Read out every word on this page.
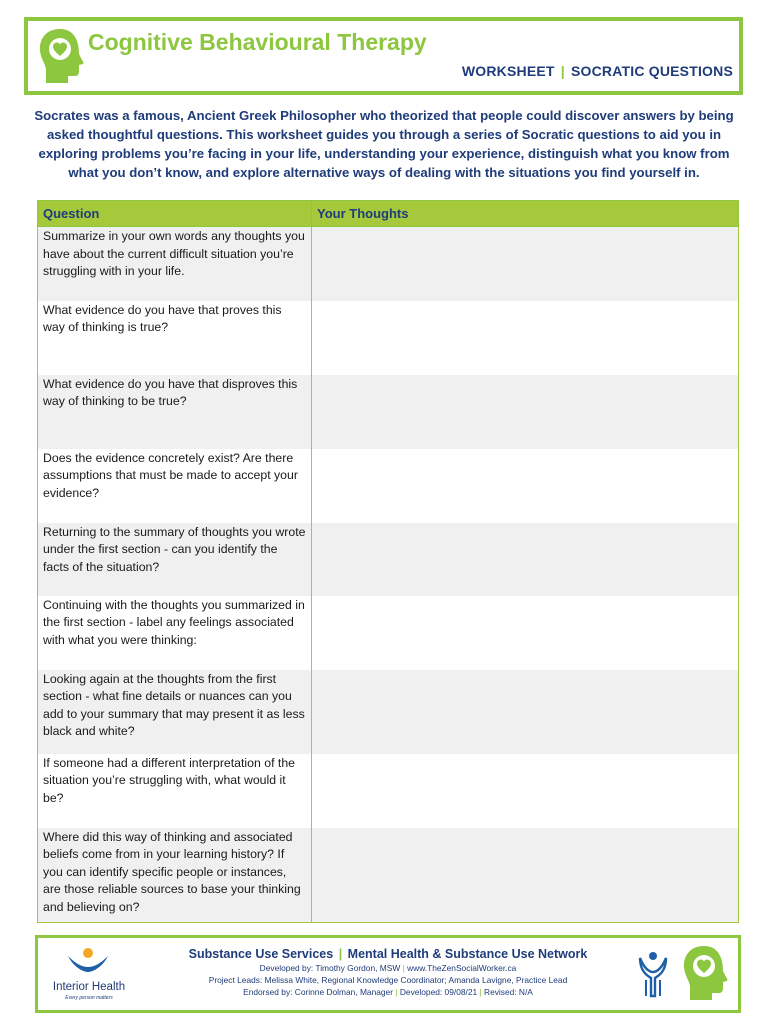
Cognitive Behavioural Therapy
WORKSHEET | SOCRATIC QUESTIONS
Socrates was a famous, Ancient Greek Philosopher who theorized that people could discover answers by being asked thoughtful questions. This worksheet guides you through a series of Socratic questions to aid you in exploring problems you’re facing in your life, understanding your experience, distinguish what you know from what you don’t know, and explore alternative ways of dealing with the situations you find yourself in.
Question	Your Thoughts
Summarize in your own words any thoughts you have about the current difficult situation you’re struggling with in your life.	
What evidence do you have that proves this way of thinking is true?	
What evidence do you have that disproves this way of thinking to be true?	
Does the evidence concretely exist? Are there assumptions that must be made to accept your evidence?	
Returning to the summary of thoughts you wrote under the first section - can you identify the facts of the situation?	
Continuing with the thoughts you summarized in the first section - label any feelings associated with what you were thinking:	
Looking again at the thoughts from the first section - what fine details or nuances can you add to your summary that may present it as less black and white?	
If someone had a different interpretation of the situation you’re struggling with, what would it be?	
Where did this way of thinking and associated beliefs come from in your learning history? If you can identify specific people or instances, are those reliable sources to base your thinking and believing on?	
Interior Health
Every person matters
Substance Use Services | Mental Health & Substance Use Network
Developed by: Timothy Gordon, MSW | www.TheZenSocialWorker.ca
Project Leads: Melissa White, Regional Knowledge Coordinator; Amanda Lavigne, Practice Lead
Endorsed by: Corinne Dolman, Manager | Developed: 09/08/21 | Revised: N/A
